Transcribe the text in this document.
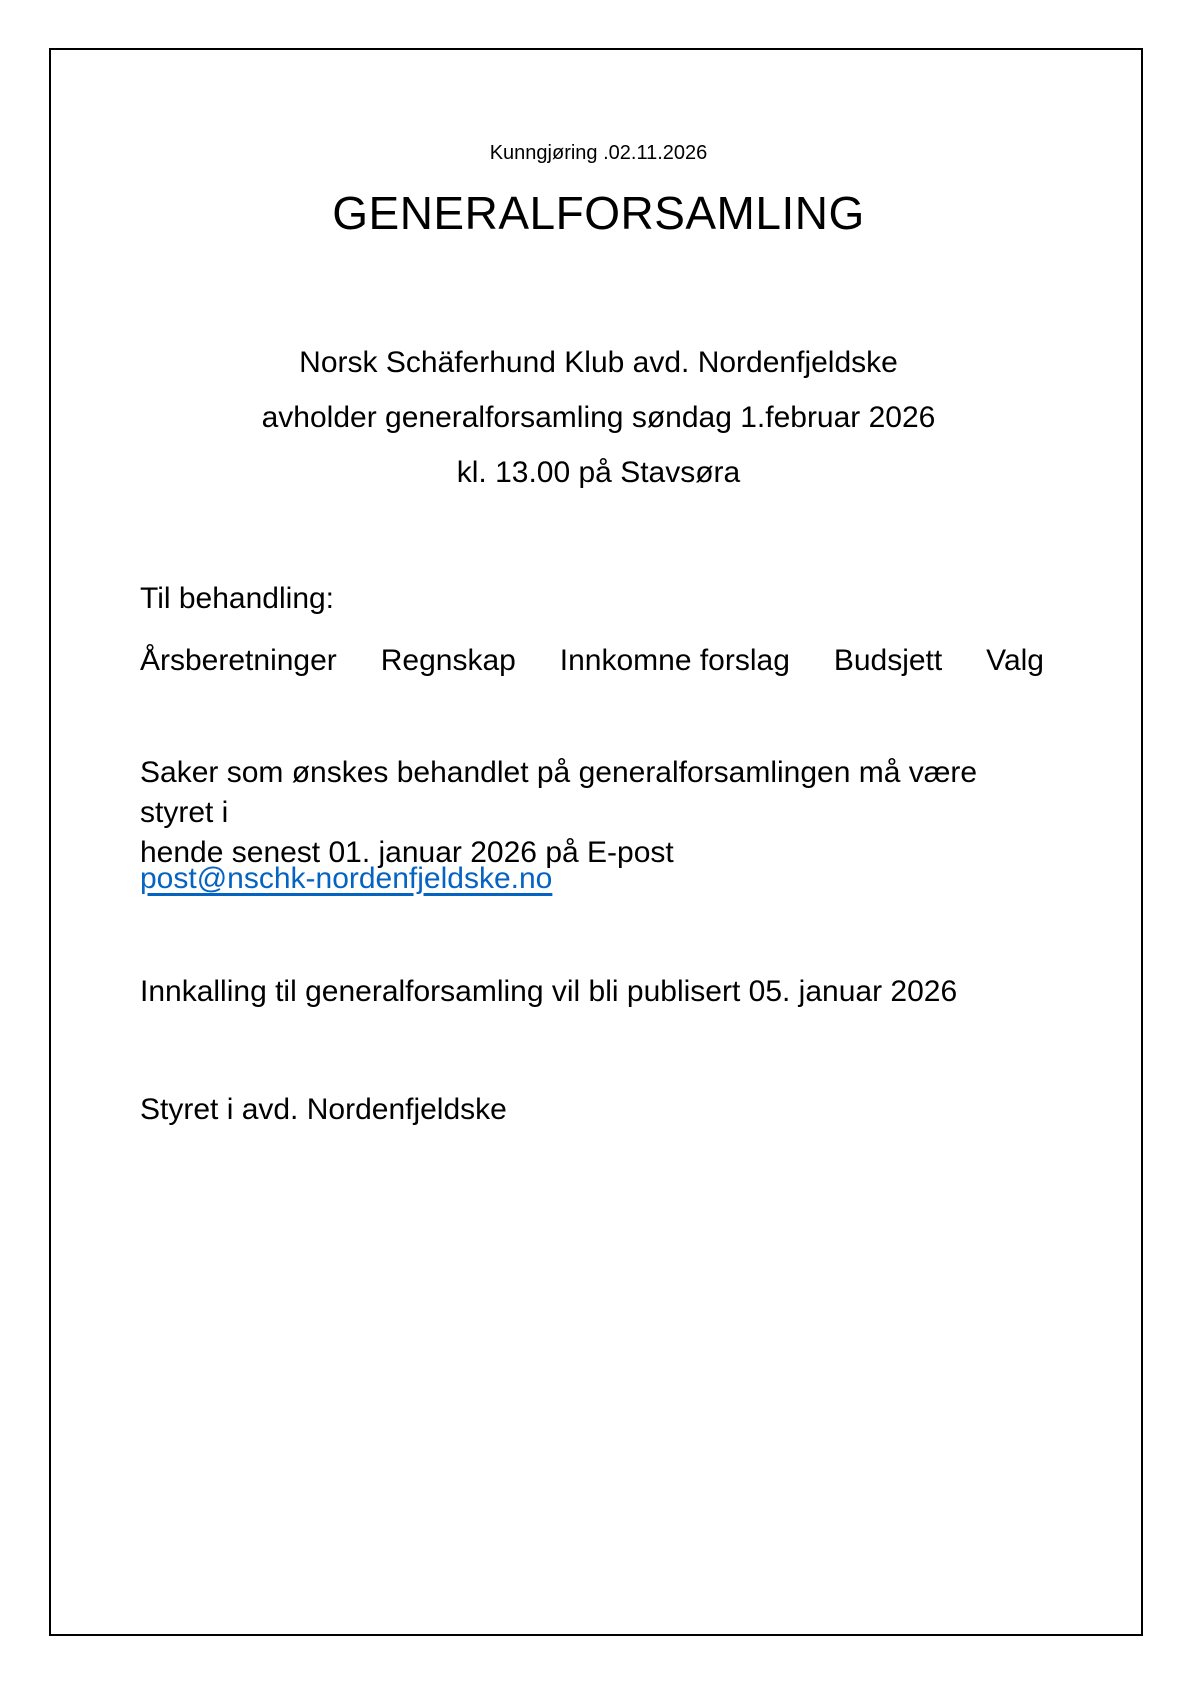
Kunngjøring .02.11.2026
GENERALFORSAMLING
Norsk Schäferhund Klub avd. Nordenfjeldske
avholder generalforsamling søndag 1.februar 2026
kl. 13.00 på Stavsøra
Til behandling:
Årsberetninger Regnskap Innkomne forslag Budsjett Valg
Saker som ønskes behandlet på generalforsamlingen må være styret i
hende senest 01. januar 2026 på E-post
post@nschk-nordenfjeldske.no
Innkalling til generalforsamling vil bli publisert 05. januar 2026
Styret i avd. Nordenfjeldske
